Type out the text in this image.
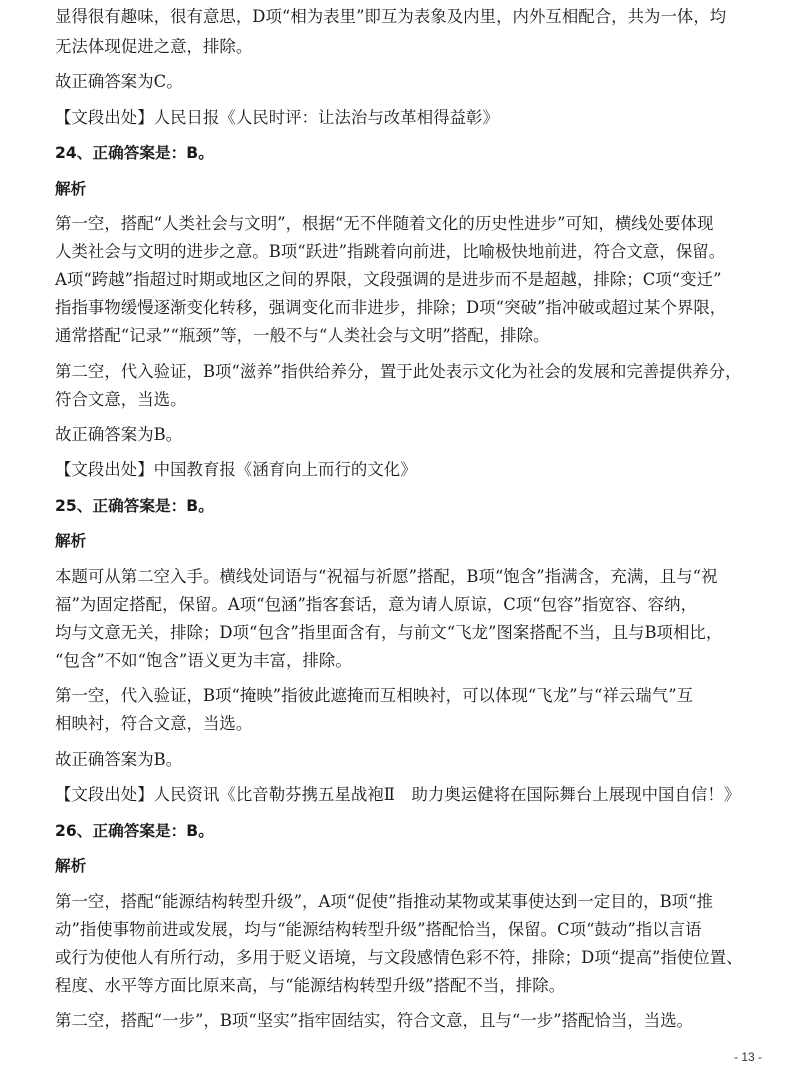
显得很有趣味，很有意思，D项“相为表里”即互为表象及内里，内外互相配合，共为一体，均
无法体现促进之意，排除。
故正确答案为C。
【文段出处】人民日报《人民时评：让法治与改革相得益彰》
24、正确答案是：B。
解析
第一空，搭配“人类社会与文明”，根据“无不伴随着文化的历史性进步”可知，横线处要体现
人类社会与文明的进步之意。B项“跃进”指跳着向前进，比喻极快地前进，符合文意，保留。
A项“跨越”指超过时期或地区之间的界限，文段强调的是进步而不是超越，排除；C项“变迁”
指指事物缓慢逐渐变化转移，强调变化而非进步，排除；D项“突破”指冲破或超过某个界限，
通常搭配“记录”“瓶颈”等，一般不与“人类社会与文明”搭配，排除。
第二空，代入验证，B项“滋养”指供给养分，置于此处表示文化为社会的发展和完善提供养分，
符合文意，当选。
故正确答案为B。
【文段出处】中国教育报《涵育向上而行的文化》
25、正确答案是：B。
解析
本题可从第二空入手。横线处词语与“祝福与祈愿”搭配，B项“饱含”指满含，充满，且与“祝
福”为固定搭配，保留。A项“包涵”指客套话，意为请人原谅，C项“包容”指宽容、容纳，
均与文意无关，排除；D项“包含”指里面含有，与前文“飞龙”图案搭配不当，且与B项相比，
“包含”不如“饱含”语义更为丰富，排除。
第一空，代入验证，B项“掩映”指彼此遮掩而互相映衬，可以体现“飞龙”与“祥云瑞气”互
相映衬，符合文意，当选。
故正确答案为B。
【文段出处】人民资讯《比音勒芬携五星战袍Ⅱ　助力奥运健将在国际舞台上展现中国自信！》
26、正确答案是：B。
解析
第一空，搭配“能源结构转型升级”，A项“促使”指推动某物或某事使达到一定目的，B项“推
动”指使事物前进或发展，均与“能源结构转型升级”搭配恰当，保留。C项“鼓动”指以言语
或行为使他人有所行动，多用于贬义语境，与文段感情色彩不符，排除；D项“提高”指使位置、
程度、水平等方面比原来高，与“能源结构转型升级”搭配不当，排除。
第二空，搭配“一步”，B项“坚实”指牢固结实，符合文意，且与“一步”搭配恰当，当选。
- 13 -
